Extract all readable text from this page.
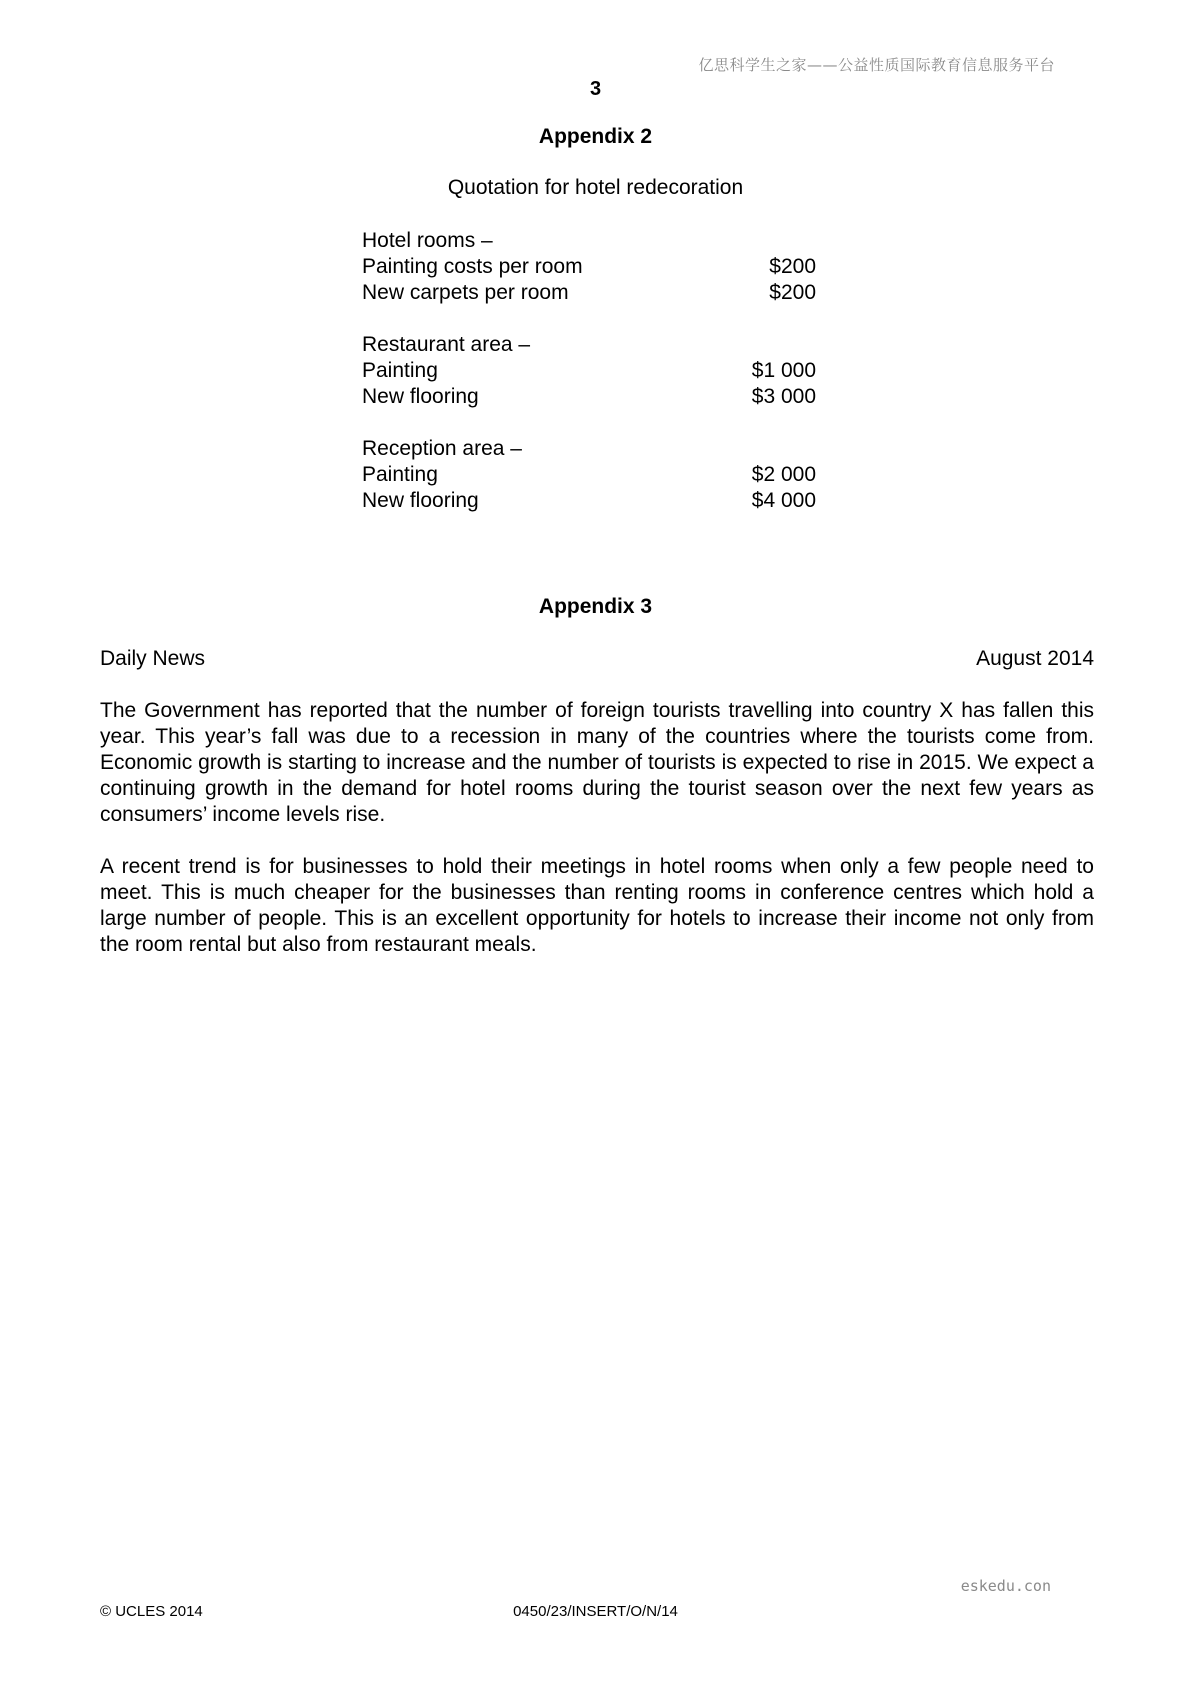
亿思科学生之家——公益性质国际教育信息服务平台
3
Appendix 2
Quotation for hotel redecoration
Hotel rooms –
Painting costs per room	$200
New carpets per room	$200
Restaurant area –
Painting	$1 000
New flooring	$3 000
Reception area –
Painting	$2 000
New flooring	$4 000
Appendix 3
Daily News	August 2014

The Government has reported that the number of foreign tourists travelling into country X has fallen this year. This year’s fall was due to a recession in many of the countries where the tourists come from. Economic growth is starting to increase and the number of tourists is expected to rise in 2015. We expect a continuing growth in the demand for hotel rooms during the tourist season over the next few years as consumers’ income levels rise.

A recent trend is for businesses to hold their meetings in hotel rooms when only a few people need to meet. This is much cheaper for the businesses than renting rooms in conference centres which hold a large number of people. This is an excellent opportunity for hotels to increase their income not only from the room rental but also from restaurant meals.

eskedu.con
© UCLES 2014	0450/23/INSERT/O/N/14
